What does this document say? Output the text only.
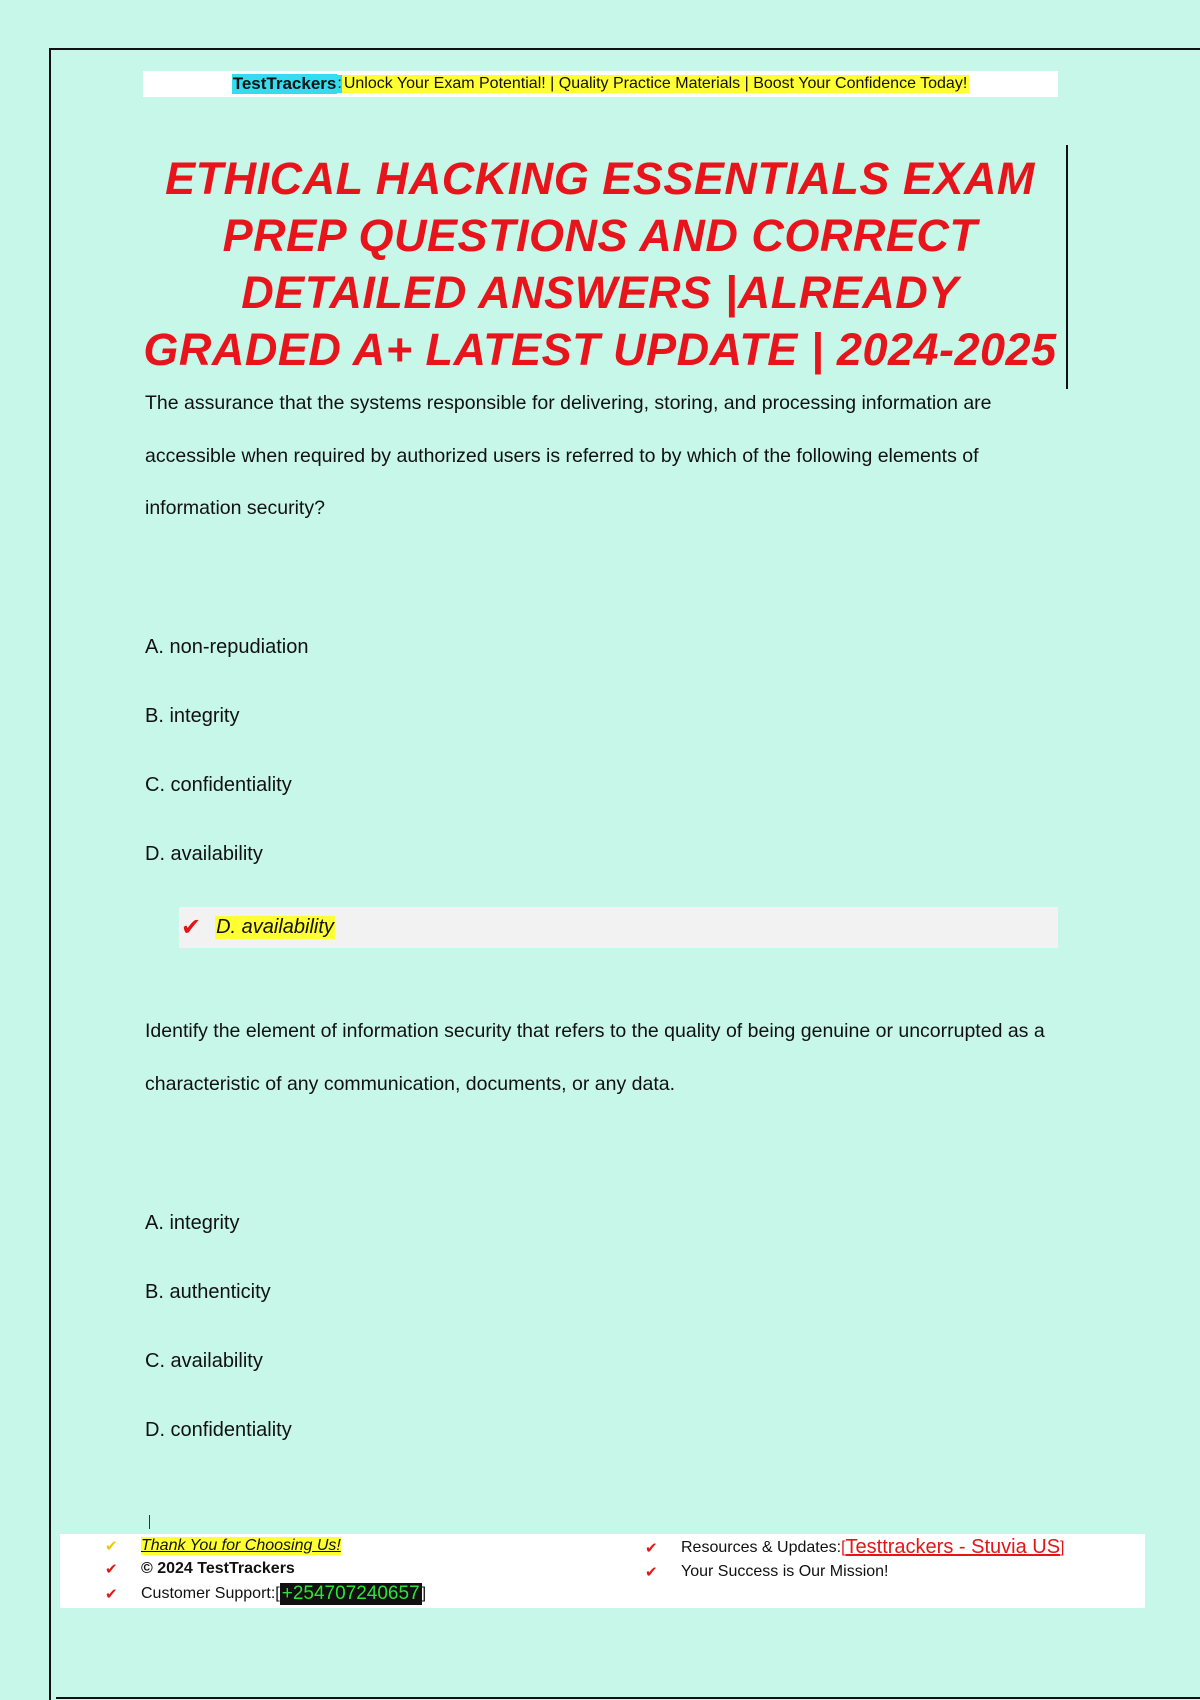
TestTrackers : Unlock Your Exam Potential! | Quality Practice Materials | Boost Your Confidence Today!
ETHICAL HACKING ESSENTIALS EXAM PREP QUESTIONS AND CORRECT DETAILED ANSWERS |ALREADY GRADED A+ LATEST UPDATE | 2024-2025

The assurance that the systems responsible for delivering, storing, and processing information are accessible when required by authorized users is referred to by which of the following elements of information security?

A. non-repudiation

B. integrity

C. confidentiality

D. availability

✔ D. availability

Identify the element of information security that refers to the quality of being genuine or uncorrupted as a characteristic of any communication, documents, or any data.

A. integrity

B. authenticity

C. availability

D. confidentiality

✔	Thank You for Choosing Us!
✔	© 2024 TestTrackers
✔	Customer Support: [ +254707240657 ]
✔	Resources & Updates: [ Testtrackers - Stuvia US ]
✔	Your Success is Our Mission!
